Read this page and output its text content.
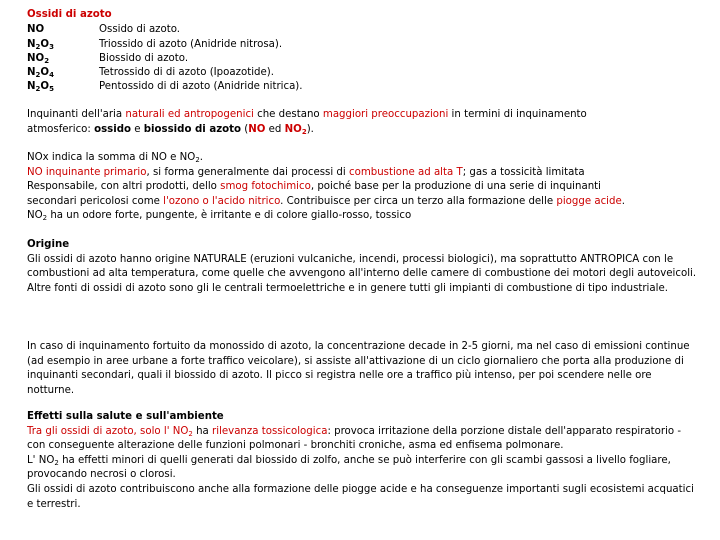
Ossidi di azoto
NO	Ossido di azoto.
$N_2O_3$	Triossido di azoto (Anidride nitrosa).
$NO_2$	Biossido di azoto.
$N_2O_4$	Tetrossido di di azoto (Ipoazotide).
$N_2O_5$	Pentossido di di azoto (Anidride nitrica).

Inquinanti dell'aria naturali ed antropogenici che destano maggiori preoccupazioni in termini di inquinamento

atmosferico: ossido e biossido di azoto (NO ed $NO_2$).

NOx indica la somma di NO e $NO_2$.

NO inquinante primario, si forma generalmente dai processi di combustione ad alta T; gas a tossicità limitata

Responsabile, con altri prodotti, dello smog fotochimico, poiché base per la produzione di una serie di inquinanti

secondari pericolosi come l'ozono o l'acido nitrico. Contribuisce per circa un terzo alla formazione delle piogge acide.

$NO_2$ ha un odore forte, pungente, è irritante e di colore giallo-rosso, tossico

Origine

Gli ossidi di azoto hanno origine NATURALE (eruzioni vulcaniche, incendi, processi biologici), ma soprattutto ANTROPICA con le combustioni ad alta temperatura, come quelle che avvengono all'interno delle camere di combustione dei motori degli autoveicoli.

Altre fonti di ossidi di azoto sono gli le centrali termoelettriche e in genere tutti gli impianti di combustione di tipo industriale.

In caso di inquinamento fortuito da monossido di azoto, la concentrazione decade in 2-5 giorni, ma nel caso di emissioni continue (ad esempio in aree urbane a forte traffico veicolare), si assiste all'attivazione di un ciclo giornaliero che porta alla produzione di inquinanti secondari, quali il biossido di azoto. Il picco si registra nelle ore a traffico più intenso, per poi scendere nelle ore notturne.

Effetti sulla salute e sull'ambiente

Tra gli ossidi di azoto, solo l' $NO_2$ ha rilevanza tossicologica: provoca irritazione della porzione distale dell'apparato respiratorio - con conseguente alterazione delle funzioni polmonari - bronchiti croniche, asma ed enfisema polmonare.

L' $NO_2$ ha effetti minori di quelli generati dal biossido di zolfo, anche se può interferire con gli scambi gassosi a livello fogliare, provocando necrosi o clorosi.

Gli ossidi di azoto contribuiscono anche alla formazione delle piogge acide e ha conseguenze importanti sugli ecosistemi acquatici e terrestri.
